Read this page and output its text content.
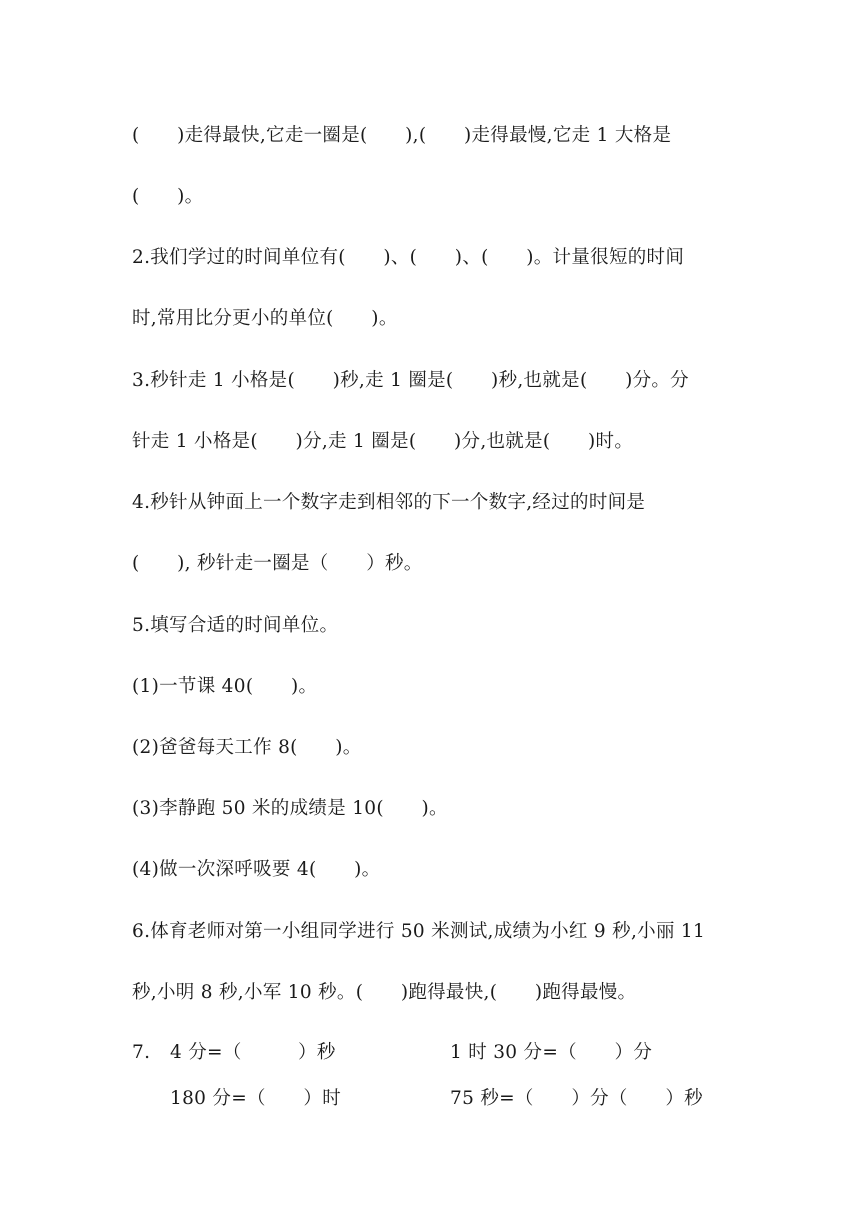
(　　)走得最快,它走一圈是(　　),(　　)走得最慢,它走 1 大格是

(　　)。

2.我们学过的时间单位有(　　)、(　　)、(　　)。计量很短的时间

时,常用比分更小的单位(　　)。

3.秒针走 1 小格是(　　)秒,走 1 圈是(　　)秒,也就是(　　)分。分

针走 1 小格是(　　)分,走 1 圈是(　　)分,也就是(　　)时。

4.秒针从钟面上一个数字走到相邻的下一个数字,经过的时间是

(　　), 秒针走一圈是（　　）秒。

5.填写合适的时间单位。

(1)一节课 40(　　)。

(2)爸爸每天工作 8(　　)。

(3)李静跑 50 米的成绩是 10(　　)。

(4)做一次深呼吸要 4(　　)。

6.体育老师对第一小组同学进行 50 米测试,成绩为小红 9 秒,小丽 11

秒,小明 8 秒,小军 10 秒。(　　)跑得最快,(　　)跑得最慢。

7. 4 分=（　　　）秒	1 时 30 分=（　　）分

180 分=（　　）时	75 秒=（　　）分（　　）秒
